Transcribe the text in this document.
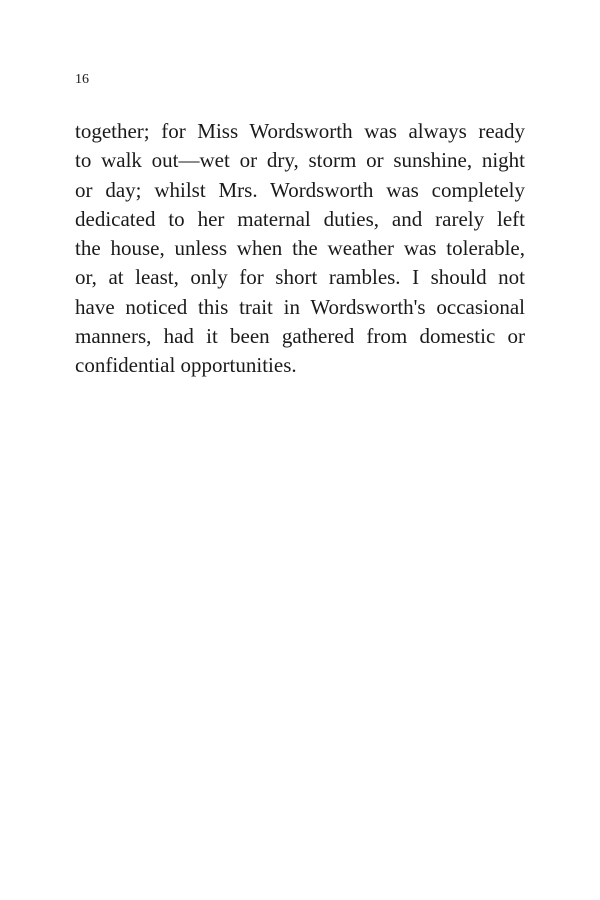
16
together; for Miss Wordsworth was always ready
to walk out—wet or dry, storm or sunshine, night
or day; whilst Mrs. Wordsworth was completely
dedicated to her maternal duties, and rarely left
the house, unless when the weather was tolerable,
or, at least, only for short rambles. I should not
have noticed this trait in Wordsworth's occasional
manners, had it been gathered from domestic or
confidential opportunities.
